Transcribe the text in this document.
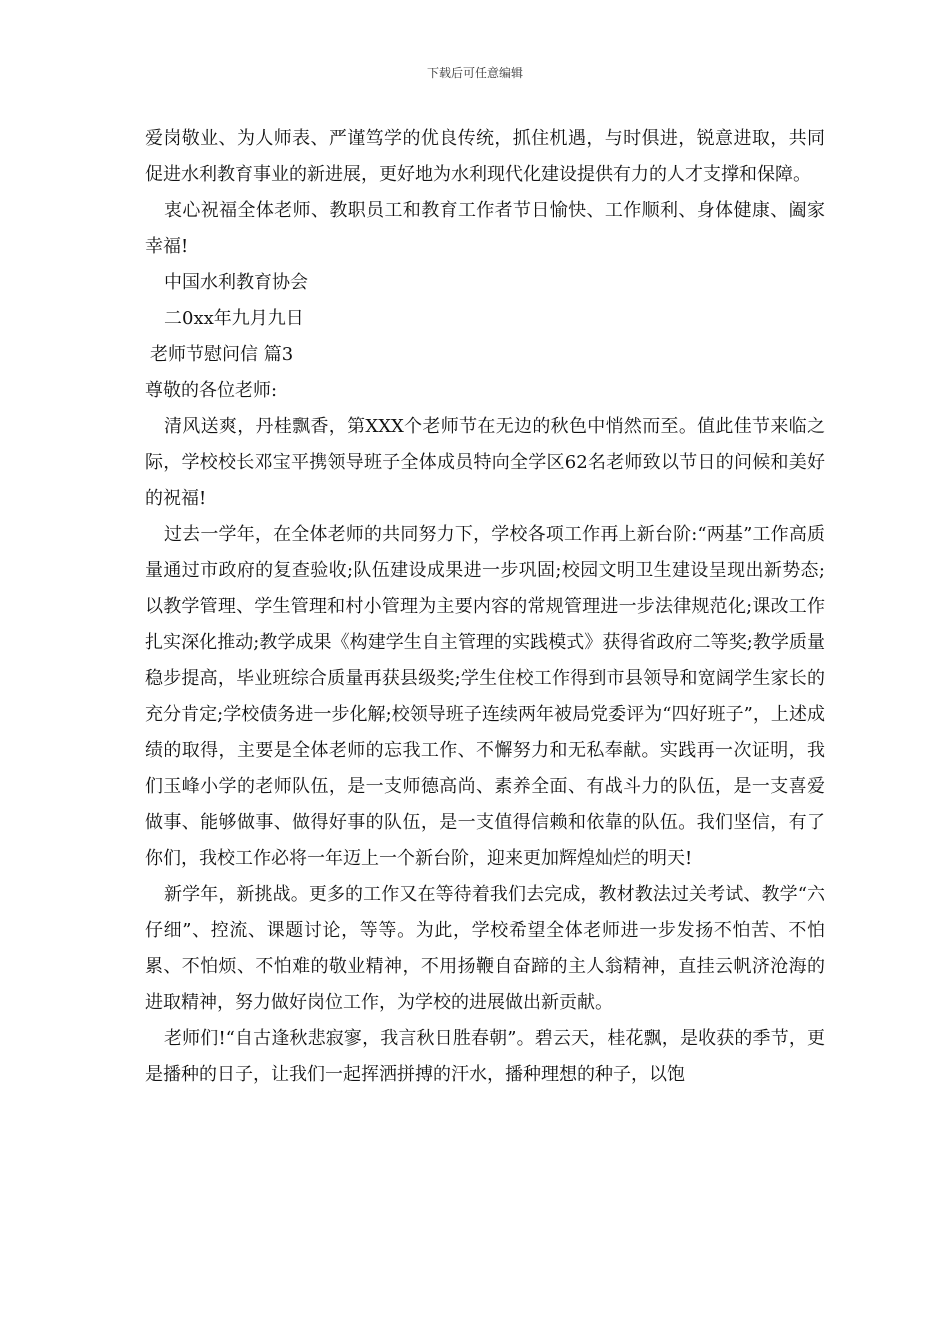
下载后可任意编辑

爱岗敬业、为人师表、严谨笃学的优良传统，抓住机遇，与时俱进，锐意进取，共同促进水利教育事业的新进展，更好地为水利现代化建设提供有力的人才支撑和保障。

衷心祝福全体老师、教职员工和教育工作者节日愉快、工作顺利、身体健康、阖家幸福!

中国水利教育协会

二0xx年九月九日

老师节慰问信 篇3

尊敬的各位老师:

清风送爽，丹桂飘香，第XXX个老师节在无边的秋色中悄然而至。值此佳节来临之际，学校校长邓宝平携领导班子全体成员特向全学区62名老师致以节日的问候和美好的祝福!

过去一学年，在全体老师的共同努力下，学校各项工作再上新台阶:“两基”工作高质量通过市政府的复查验收;队伍建设成果进一步巩固;校园文明卫生建设呈现出新势态;以教学管理、学生管理和村小管理为主要内容的常规管理进一步法律规范化;课改工作扎实深化推动;教学成果《构建学生自主管理的实践模式》获得省政府二等奖;教学质量稳步提高，毕业班综合质量再获县级奖;学生住校工作得到市县领导和宽阔学生家长的充分肯定;学校债务进一步化解;校领导班子连续两年被局党委评为“四好班子”，上述成绩的取得，主要是全体老师的忘我工作、不懈努力和无私奉献。实践再一次证明，我们玉峰小学的老师队伍，是一支师德高尚、素养全面、有战斗力的队伍，是一支喜爱做事、能够做事、做得好事的队伍，是一支值得信赖和依靠的队伍。我们坚信，有了你们，我校工作必将一年迈上一个新台阶，迎来更加辉煌灿烂的明天!

新学年，新挑战。更多的工作又在等待着我们去完成，教材教法过关考试、教学“六仔细”、控流、课题讨论，等等。为此，学校希望全体老师进一步发扬不怕苦、不怕累、不怕烦、不怕难的敬业精神，不用扬鞭自奋蹄的主人翁精神，直挂云帆济沧海的进取精神，努力做好岗位工作，为学校的进展做出新贡献。

老师们!“自古逢秋悲寂寥，我言秋日胜春朝”。碧云天，桂花飘，是收获的季节，更是播种的日子，让我们一起挥洒拼搏的汗水，播种理想的种子，以饱
